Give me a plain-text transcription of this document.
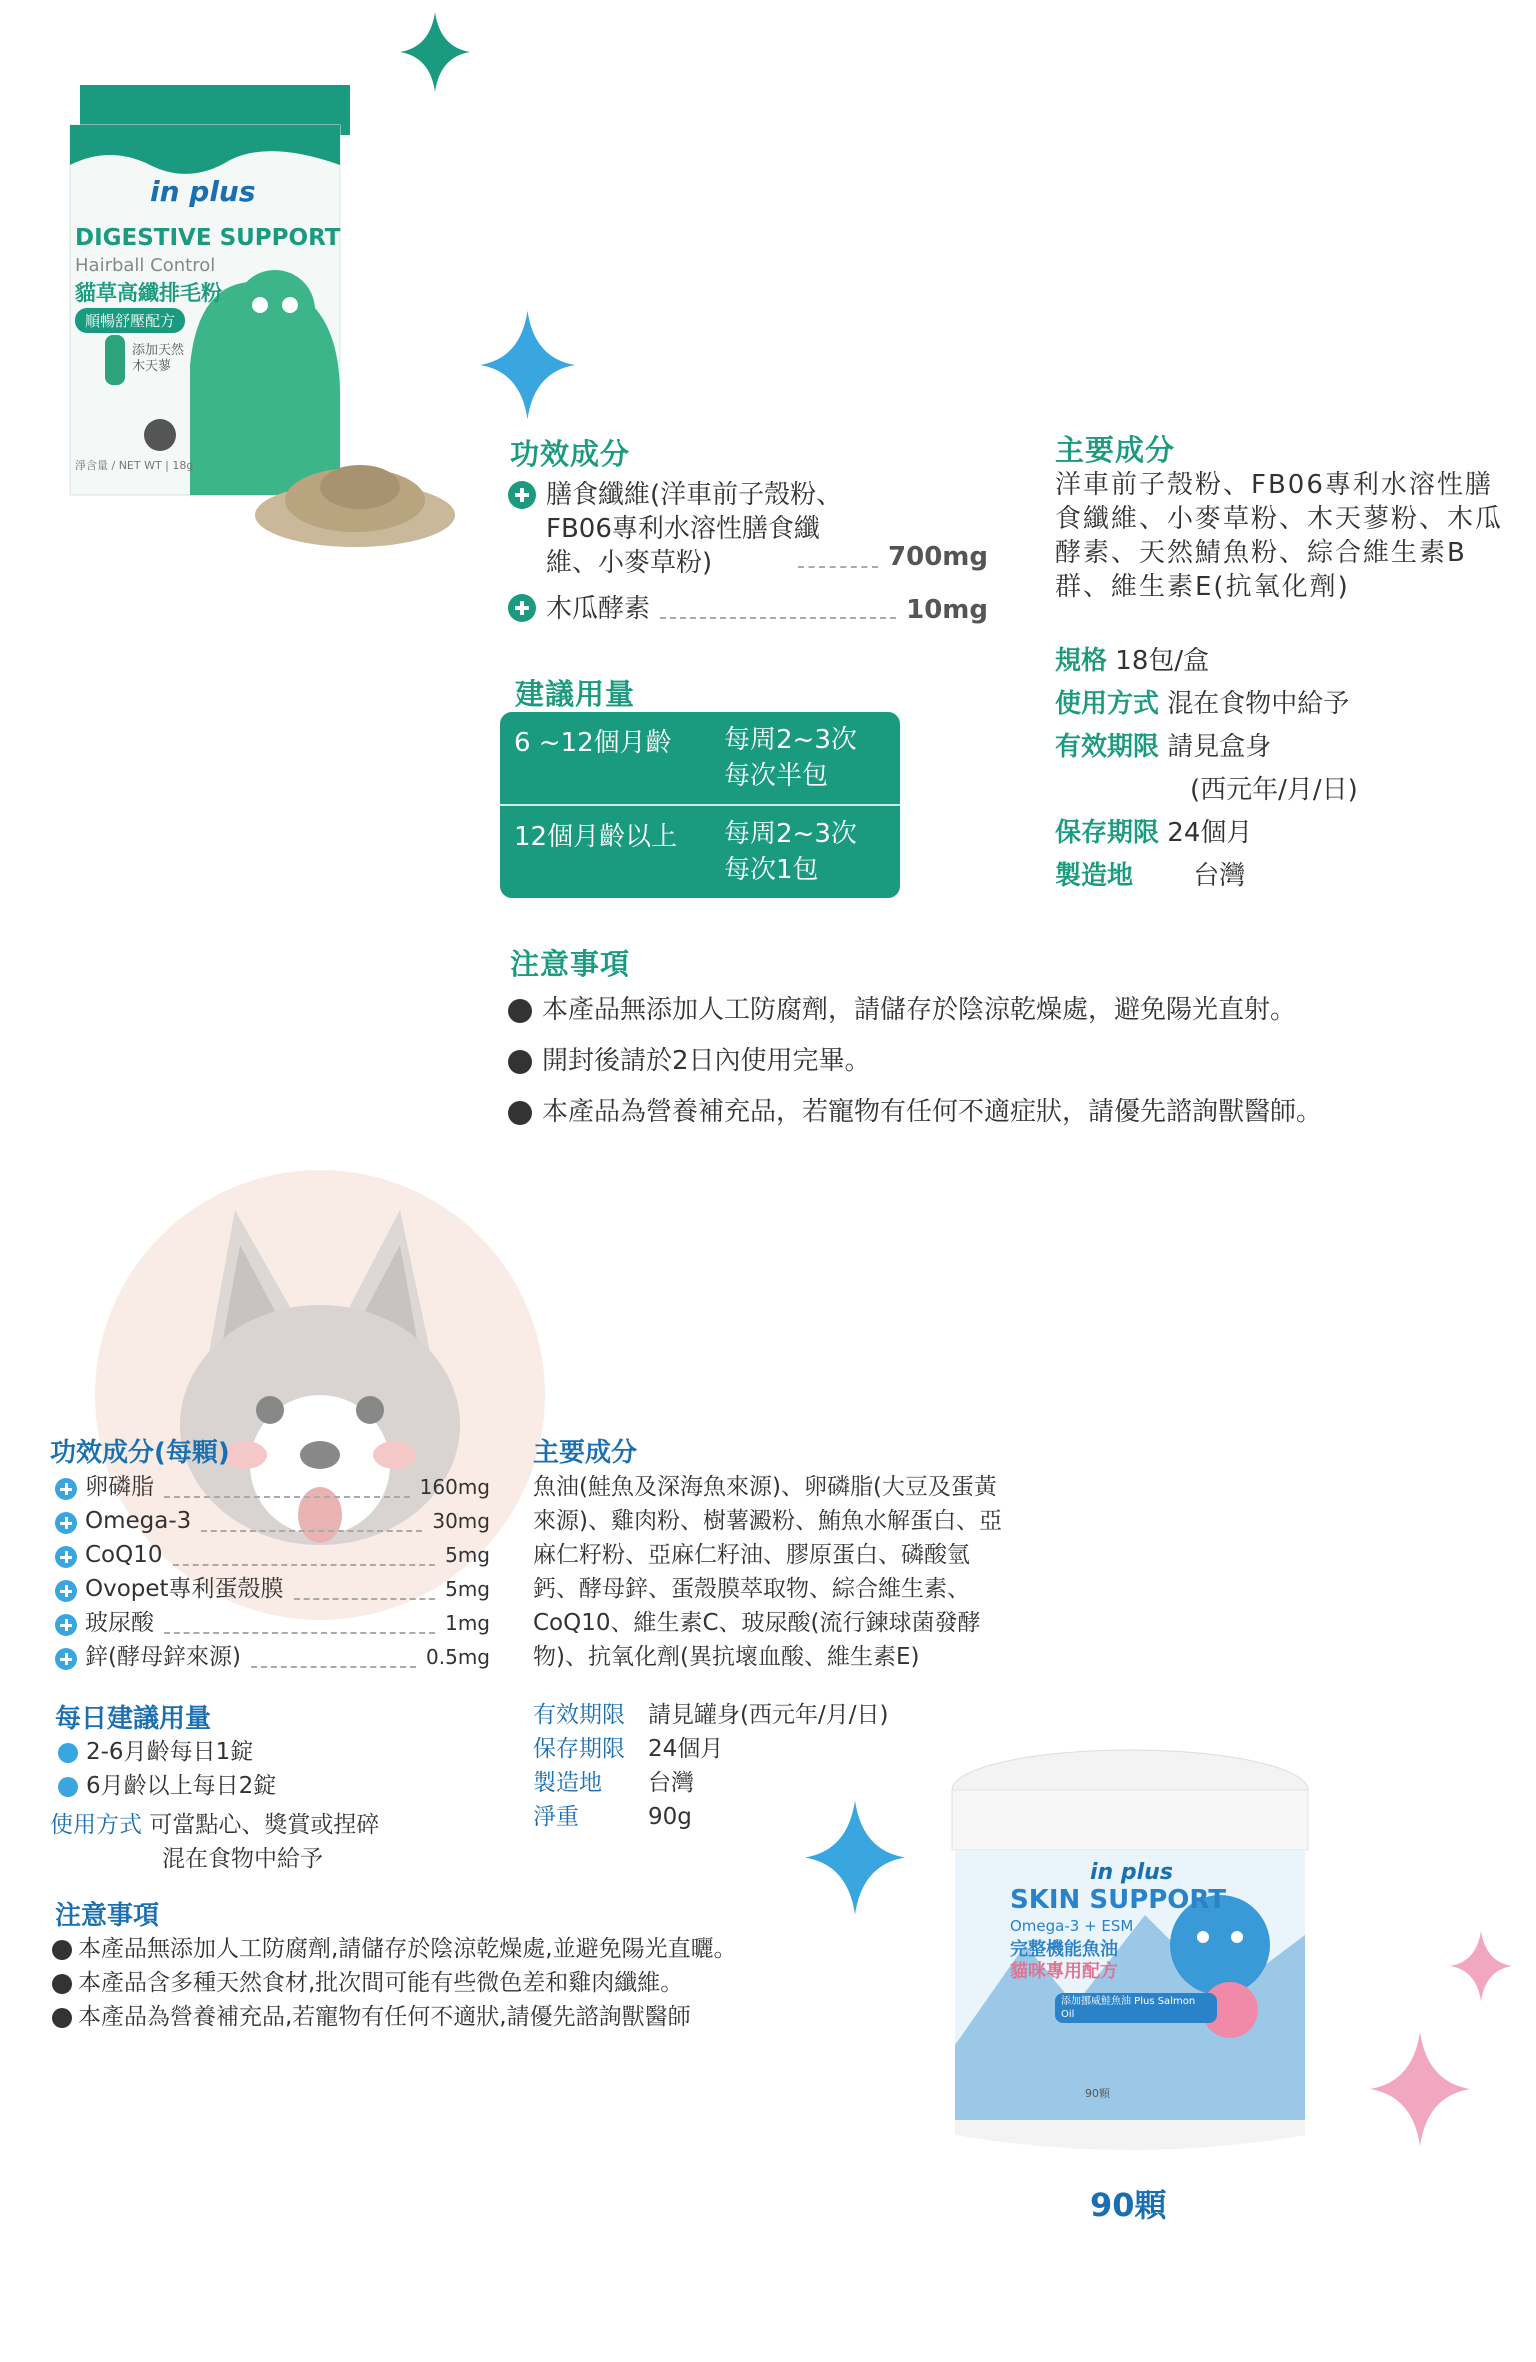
in plus
DIGESTIVE SUPPORT
Hairball Control
貓草高纖排毛粉
順暢舒壓配方
添加天然木天蓼
淨含量 / NET WT | 18g	功效成分
膳食纖維(洋車前子殼粉、FB06專利水溶性膳食纖維、小麥草粉)	700mg
木瓜酵素	10mg
建議用量
6 ~12個月齡	每周2~3次
每次半包
12個月齡以上	每周2~3次
每次1包
主要成分
洋車前子殼粉、FB06專利水溶性膳食纖維、小麥草粉、木天蓼粉、木瓜酵素、天然鯖魚粉、綜合維生素B群、維生素E(抗氧化劑)
規格 18包/盒
使用方式 混在食物中給予
有效期限 請見盒身
(西元年/月/日)
保存期限 24個月
製造地 台灣
注意事項
本產品無添加人工防腐劑，請儲存於陰涼乾燥處，避免陽光直射。
開封後請於2日內使用完畢。
本產品為營養補充品，若寵物有任何不適症狀，請優先諮詢獸醫師。
功效成分(每顆)
卵磷脂	160mg
Omega-3	30mg
CoQ10	5mg
Ovopet專利蛋殼膜	5mg
玻尿酸	1mg
鋅(酵母鋅來源)	0.5mg
主要成分
魚油(鮭魚及深海魚來源)、卵磷脂(大豆及蛋黃來源)、雞肉粉、樹薯澱粉、鮪魚水解蛋白、亞麻仁籽粉、亞麻仁籽油、膠原蛋白、磷酸氫鈣、酵母鋅、蛋殼膜萃取物、綜合維生素、CoQ10、維生素C、玻尿酸(流行鍊球菌發酵物)、抗氧化劑(異抗壞血酸、維生素E)
每日建議用量
2-6月齡每日1錠
6月齡以上每日2錠
使用方式 可當點心、獎賞或捏碎
混在食物中給予
有效期限 請見罐身(西元年/月/日)
保存期限 24個月
製造地 台灣
淨重	90g
注意事項
本產品無添加人工防腐劑,請儲存於陰涼乾燥處,並避免陽光直曬。
本產品含多種天然食材,批次間可能有些微色差和雞肉纖維。
本產品為營養補充品,若寵物有任何不適狀,請優先諮詢獸醫師
in plus
SKIN SUPPORT
Omega-3 + ESM
完整機能魚油
貓咪專用配方
添加挪威鮭魚油 Plus Salmon Oil
90顆
90顆
